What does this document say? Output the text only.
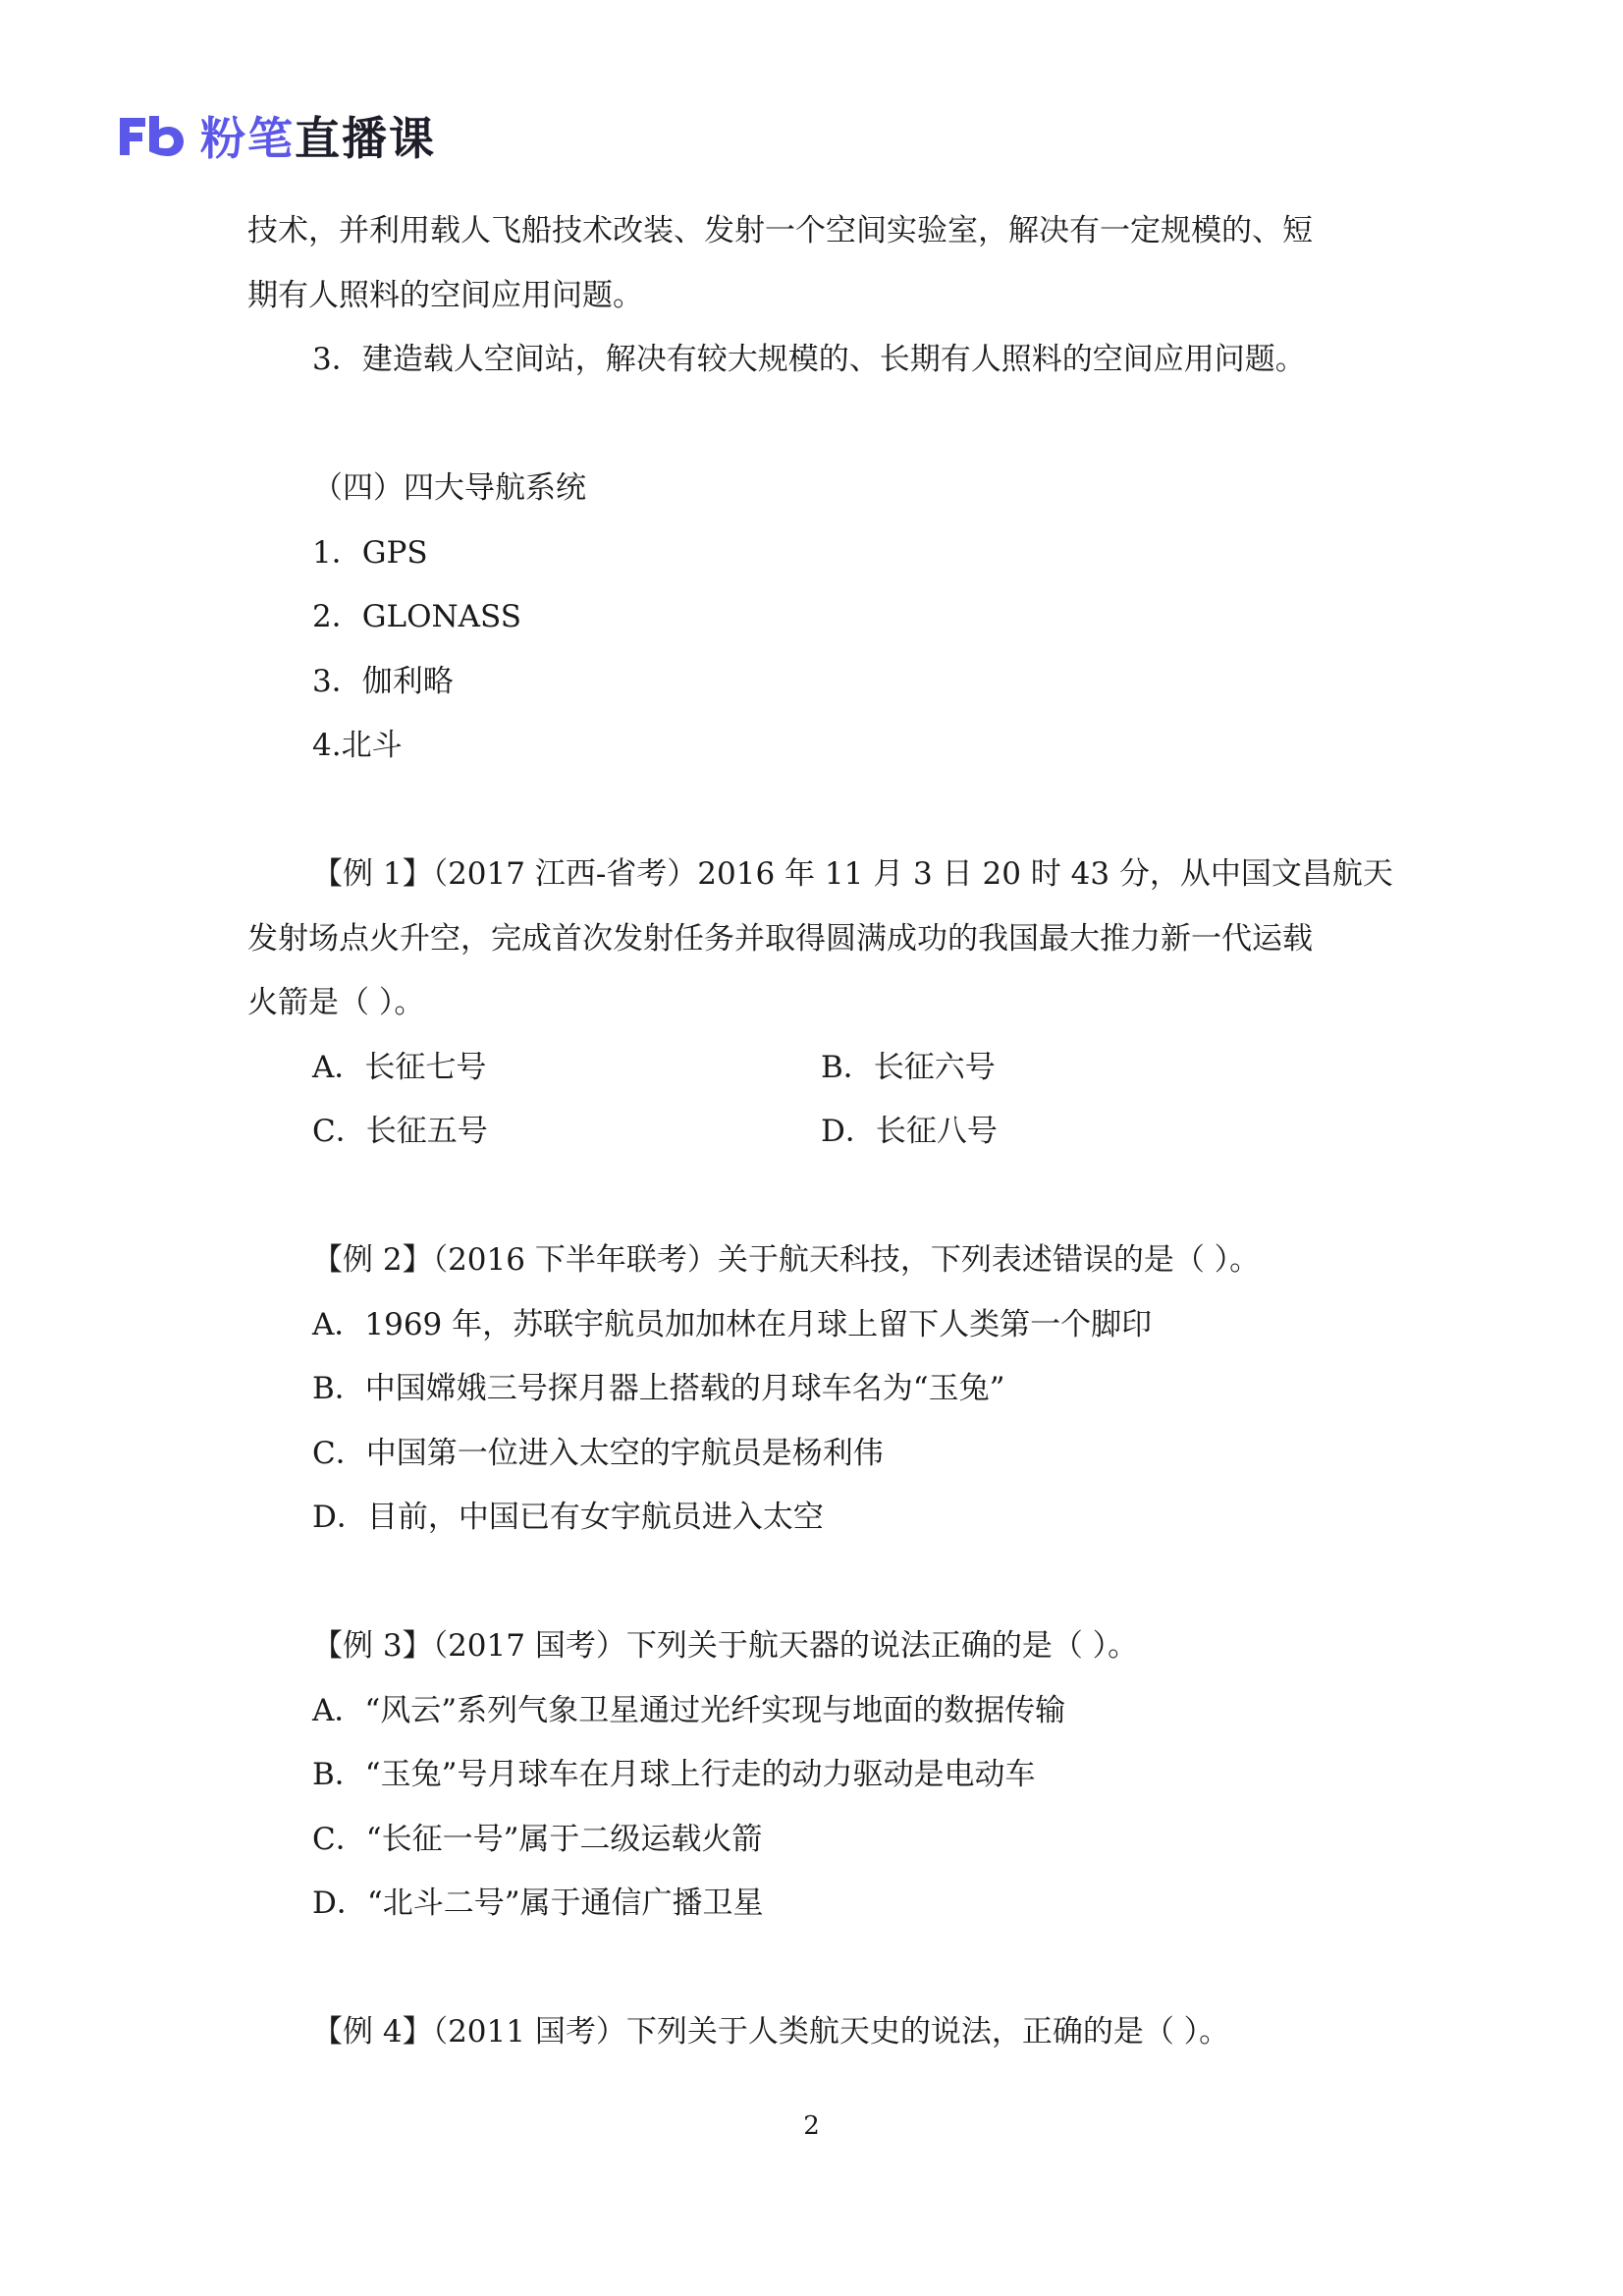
粉笔 直播课
技术，并利用载人飞船技术改装、发射一个空间实验室，解决有一定规模的、短
期有人照料的空间应用问题。
3．建造载人空间站，解决有较大规模的、长期有人照料的空间应用问题。
（四）四大导航系统
1．GPS
2．GLONASS
3．伽利略
4.北斗
【例 1】（2017 江西-省考）2016 年 11 月 3 日 20 时 43 分，从中国文昌航天
发射场点火升空，完成首次发射任务并取得圆满成功的我国最大推力新一代运载
火箭是（ ）。
A．长征七号	B．长征六号
C．长征五号	D．长征八号
【例 2】（2016 下半年联考）关于航天科技，下列表述错误的是（ ）。
A．1969 年，苏联宇航员加加林在月球上留下人类第一个脚印
B．中国嫦娥三号探月器上搭载的月球车名为“玉兔”
C．中国第一位进入太空的宇航员是杨利伟
D．目前，中国已有女宇航员进入太空
【例 3】（2017 国考）下列关于航天器的说法正确的是（ ）。
A．“风云”系列气象卫星通过光纤实现与地面的数据传输
B．“玉兔”号月球车在月球上行走的动力驱动是电动车
C．“长征一号”属于二级运载火箭
D．“北斗二号”属于通信广播卫星
【例 4】（2011 国考）下列关于人类航天史的说法，正确的是（ ）。
2
